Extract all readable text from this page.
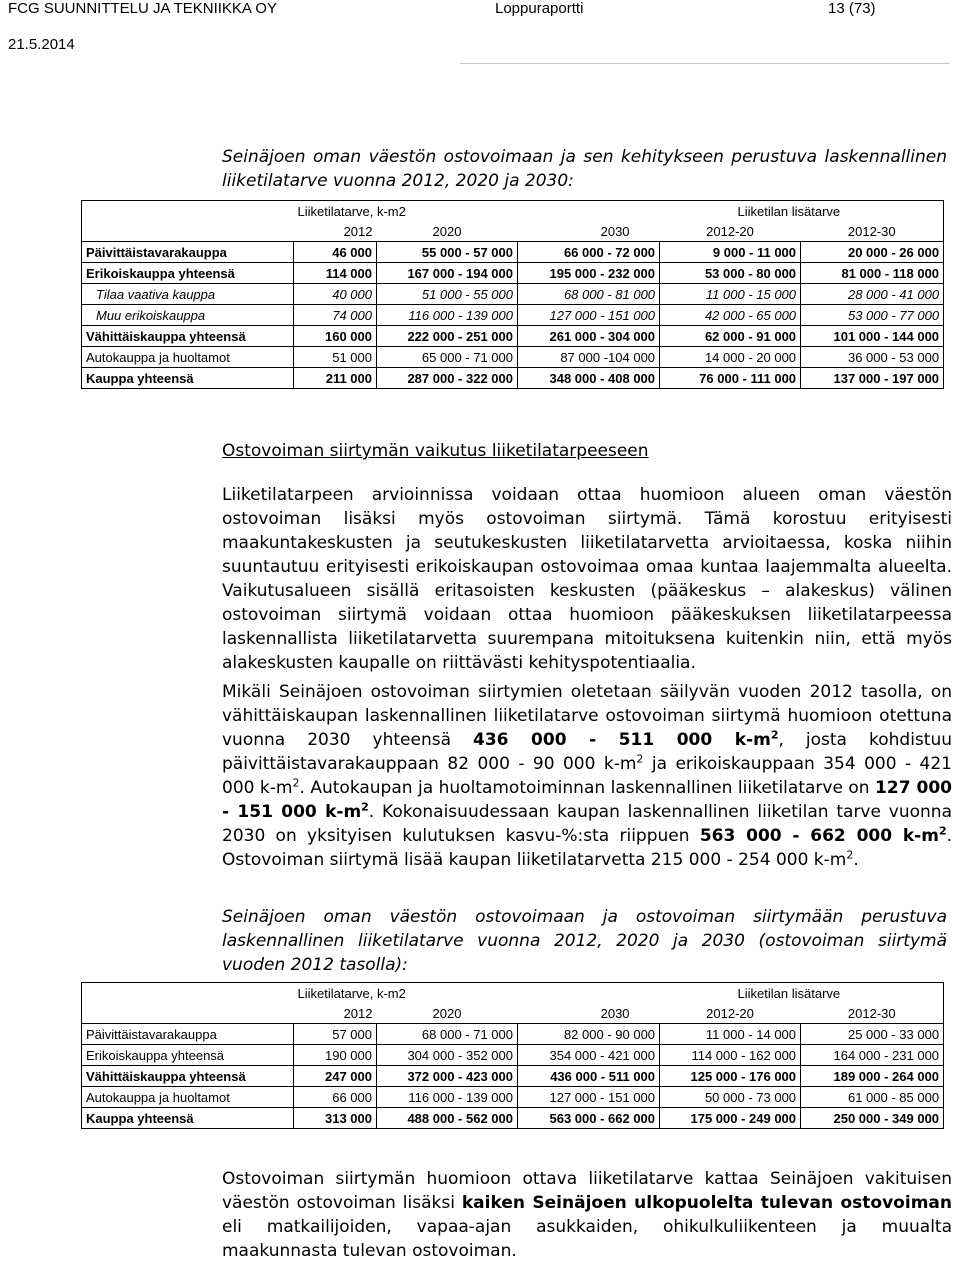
FCG SUUNNITTELU JA TEKNIIKKA OY	Loppuraportti	13 (73)
21.5.2014

Seinäjoen oman väestön ostovoimaan ja sen kehitykseen perustuva laskennallinen liiketilatarve vuonna 2012, 2020 ja 2030:

	Liiketilatarve, k-m2			Liiketilan lisätarve	
	2012	2020	2030	2012-20	2012-30
Päivittäistavarakauppa	46 000	55 000 - 57 000	66 000 - 72 000	9 000 - 11 000	20 000 - 26 000
Erikoiskauppa yhteensä	114 000	167 000 - 194 000	195 000 - 232 000	53 000 - 80 000	81 000 - 118 000
Tilaa vaativa kauppa	40 000	51 000 - 55 000	68 000 - 81 000	11 000 - 15 000	28 000 - 41 000
Muu erikoiskauppa	74 000	116 000 - 139 000	127 000 - 151 000	42 000 - 65 000	53 000 - 77 000
Vähittäiskauppa yhteensä	160 000	222 000 - 251 000	261 000 - 304 000	62 000 - 91 000	101 000 - 144 000
Autokauppa ja huoltamot	51 000	65 000 - 71 000	87 000 -104 000	14 000 - 20 000	36 000 - 53 000
Kauppa yhteensä	211 000	287 000 - 322 000	348 000 - 408 000	76 000 - 111 000	137 000 - 197 000
Ostovoiman siirtymän vaikutus liiketilatarpeeseen

Liiketilatarpeen arvioinnissa voidaan ottaa huomioon alueen oman väestön ostovoiman lisäksi myös ostovoiman siirtymä. Tämä korostuu erityisesti maakuntakeskusten ja seutukeskusten liiketilatarvetta arvioitaessa, koska niihin suuntautuu erityisesti erikoiskaupan ostovoimaa omaa kuntaa laajemmalta alueelta. Vaikutusalueen sisällä eritasoisten keskusten (pääkeskus – alakeskus) välinen ostovoiman siirtymä voidaan ottaa huomioon pääkeskuksen liiketilatarpeessa laskennallista liiketilatarvetta suurempana mitoituksena kuitenkin niin, että myös alakeskusten kaupalle on riittävästi kehityspotentiaalia.

Mikäli Seinäjoen ostovoiman siirtymien oletetaan säilyvän vuoden 2012 tasolla, on vähittäiskaupan laskennallinen liiketilatarve ostovoiman siirtymä huomioon otettuna vuonna 2030 yhteensä 436 000 - 511 000 $k-m^2$, josta kohdistuu päivittäistavarakauppaan 82 000 - 90 000 $k-m^2$ ja erikoiskauppaan 354 000 - 421 000 $k-m^2$. Autokaupan ja huoltamotoiminnan laskennallinen liiketilatarve on 127 000 - 151 000 $k-m^2$. Kokonaisuudessaan kaupan laskennallinen liiketilan tarve vuonna 2030 on yksityisen kulutuksen kasvu-%:sta riippuen 563 000 - 662 000 $k-m^2$. Ostovoiman siirtymä lisää kaupan liiketilatarvetta 215 000 - 254 000 $k-m^2$.

Seinäjoen oman väestön ostovoimaan ja ostovoiman siirtymään perustuva laskennallinen liiketilatarve vuonna 2012, 2020 ja 2030 (ostovoiman siirtymä vuoden 2012 tasolla):

	Liiketilatarve, k-m2			Liiketilan lisätarve	
	2012	2020	2030	2012-20	2012-30
Päivittäistavarakauppa	57 000	68 000 - 71 000	82 000 - 90 000	11 000 - 14 000	25 000 - 33 000
Erikoiskauppa yhteensä	190 000	304 000 - 352 000	354 000 - 421 000	114 000 - 162 000	164 000 - 231 000
Vähittäiskauppa yhteensä	247 000	372 000 - 423 000	436 000 - 511 000	125 000 - 176 000	189 000 - 264 000
Autokauppa ja huoltamot	66 000	116 000 - 139 000	127 000 - 151 000	50 000 - 73 000	61 000 - 85 000
Kauppa yhteensä	313 000	488 000 - 562 000	563 000 - 662 000	175 000 - 249 000	250 000 - 349 000

Ostovoiman siirtymän huomioon ottava liiketilatarve kattaa Seinäjoen vakituisen väestön ostovoiman lisäksi kaiken Seinäjoen ulkopuolelta tulevan ostovoiman eli matkailijoiden, vapaa-ajan asukkaiden, ohikulkuliikenteen ja muualta maakunnasta tulevan ostovoiman.
